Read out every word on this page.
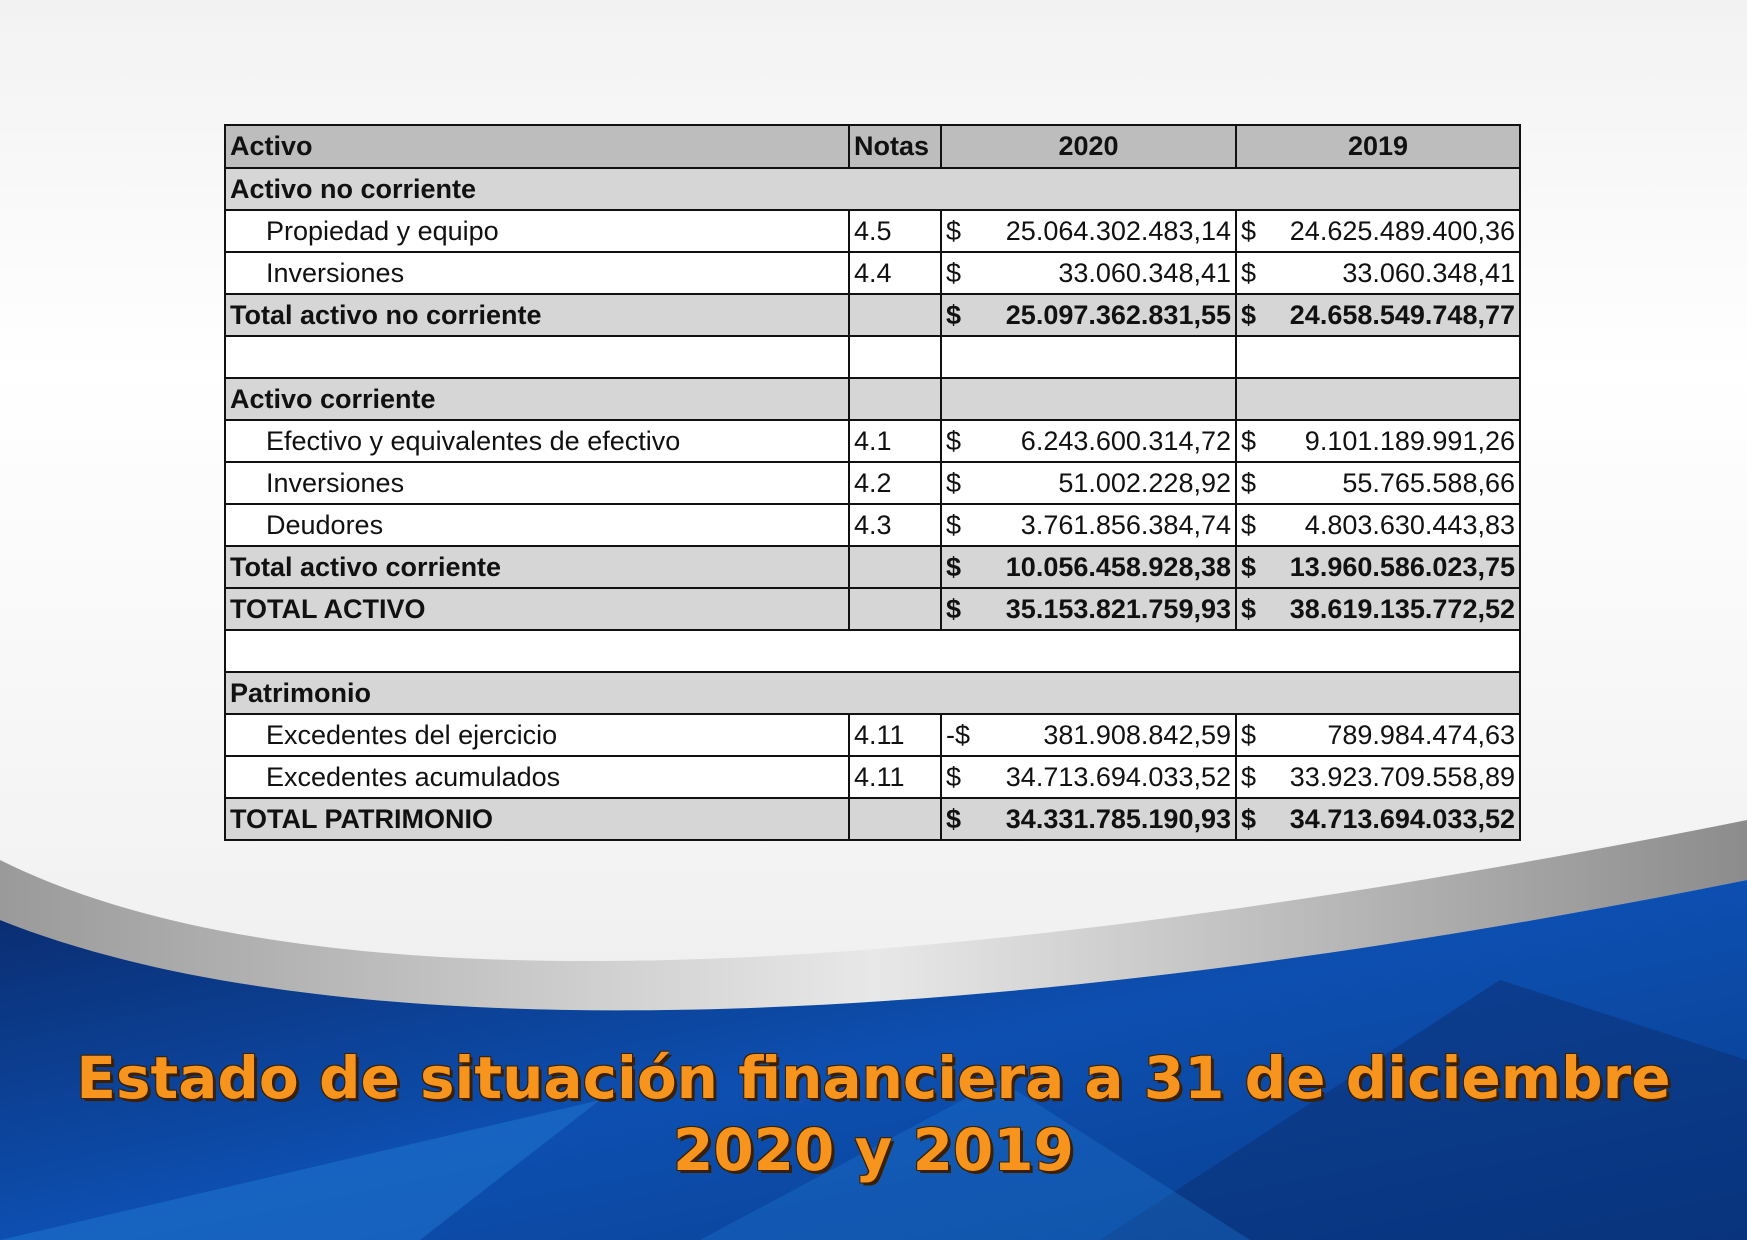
Activo	Notas	2020	2019
Activo no corriente			
Propiedad y equipo	4.5	$ 25.064.302.483,14	$ 24.625.489.400,36

Inversiones	4.4	$ 33.060.348,41	$ 33.060.348,41

Total activo no corriente		$ 25.097.362.831,55	$ 24.658.549.748,77

Activo corriente			
Efectivo y equivalentes de efectivo	4.1	$ 6.243.600.314,72	$ 9.101.189.991,26

Inversiones	4.2	$ 51.002.228,92	$ 55.765.588,66

Deudores	4.3	$ 3.761.856.384,74	$ 4.803.630.443,83

Total activo corriente		$ 10.056.458.928,38	$ 13.960.586.023,75

TOTAL ACTIVO		$ 35.153.821.759,93	$ 38.619.135.772,52

Patrimonio			
Excedentes del ejercicio	4.11	-$ 381.908.842,59	$ 789.984.474,63

Excedentes acumulados	4.11	$ 34.713.694.033,52	$ 33.923.709.558,89

TOTAL PATRIMONIO		$ 34.331.785.190,93	$ 34.713.694.033,52
Estado de situación financiera a 31 de diciembre
2020 y 2019
